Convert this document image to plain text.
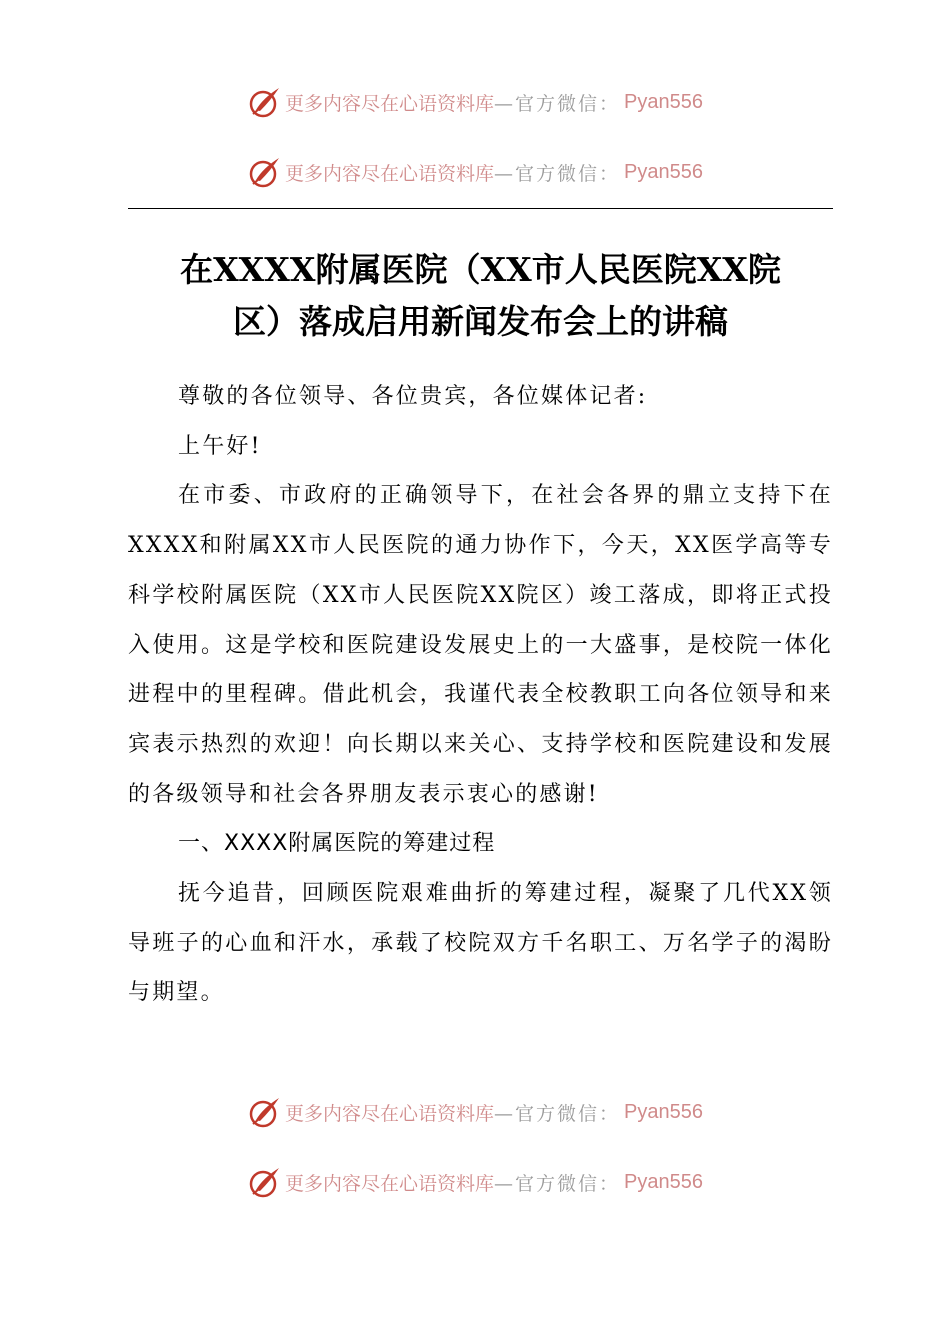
更多内容尽在心语资料库 —官方微信： Pyan556
更多内容尽在心语资料库 —官方微信： Pyan556
在XXXX附属医院（XX市人民医院XX院
区）落成启用新闻发布会上的讲稿

尊敬的各位领导、各位贵宾，各位媒体记者:

上午好!

在市委、市政府的正确领导下，在社会各界的鼎立支持下在XXXX和附属XX市人民医院的通力协作下，今天，XX医学高等专科学校附属医院（XX市人民医院XX院区）竣工落成，即将正式投入使用。这是学校和医院建设发展史上的一大盛事，是校院一体化进程中的里程碑。借此机会，我谨代表全校教职工向各位领导和来宾表示热烈的欢迎！向长期以来关心、支持学校和医院建设和发展的各级领导和社会各界朋友表示衷心的感谢!

一、XXXX附属医院的筹建过程

抚今追昔，回顾医院艰难曲折的筹建过程，凝聚了几代XX领导班子的心血和汗水，承载了校院双方千名职工、万名学子的渴盼与期望。

更多内容尽在心语资料库 —官方微信： Pyan556
更多内容尽在心语资料库 —官方微信： Pyan556
